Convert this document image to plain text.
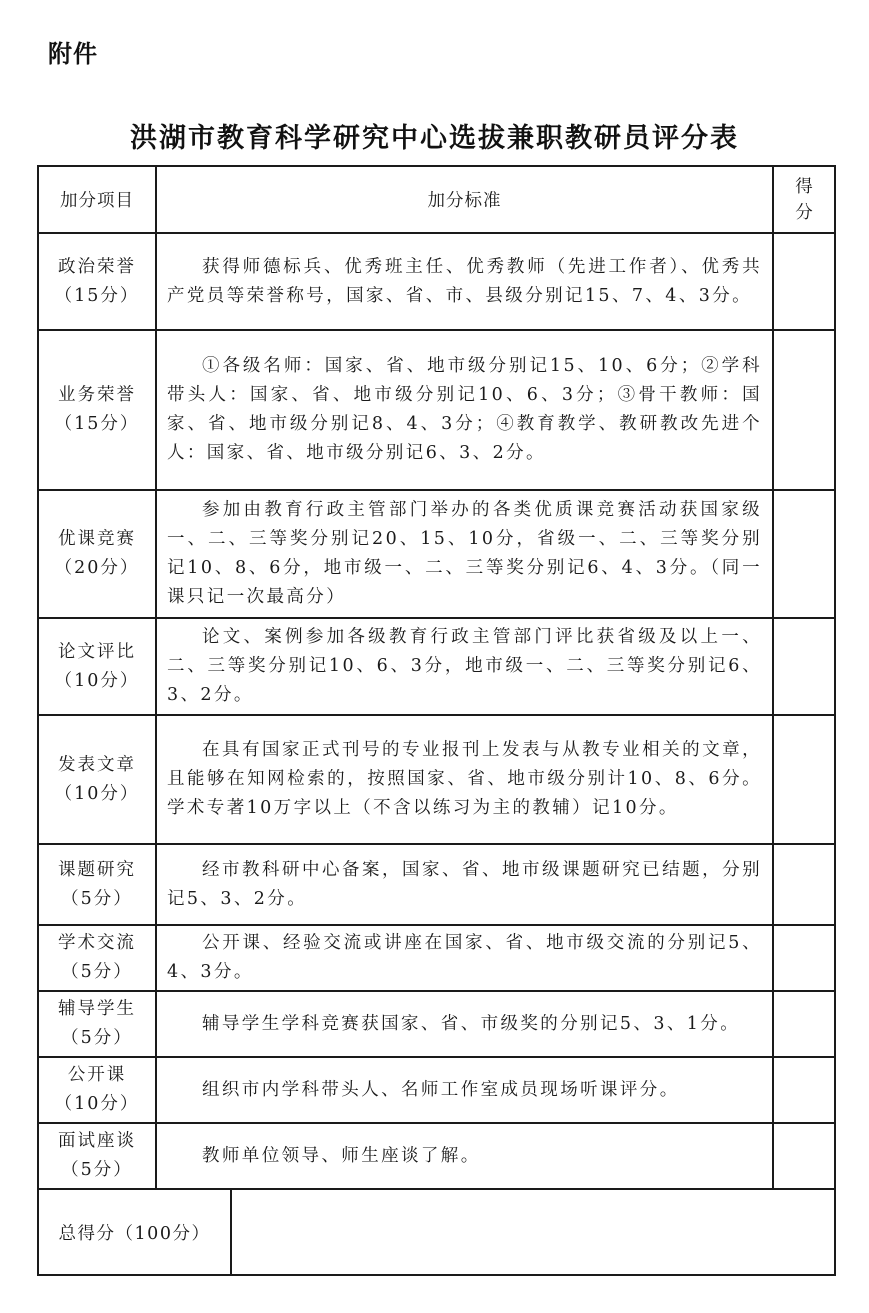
附件
洪湖市教育科学研究中心选拔兼职教研员评分表
加分项目	加分标准		得
分

政治荣誉
（15分）	获得师德标兵、优秀班主任、优秀教师（先进工作者）、优秀共产党员等荣誉称号，国家、省、市、县级分别记15、7、4、3分。		

业务荣誉
（15分）	①各级名师：国家、省、地市级分别记15、10、6分；②学科带头人：国家、省、地市级分别记10、6、3分；③骨干教师：国家、省、地市级分别记8、4、3分；④教育教学、教研教改先进个人：国家、省、地市级分别记6、3、2分。		

优课竞赛
（20分）	参加由教育行政主管部门举办的各类优质课竞赛活动获国家级一、二、三等奖分别记20、15、10分，省级一、二、三等奖分别记10、8、6分，地市级一、二、三等奖分别记6、4、3分。（同一课只记一次最高分）		

论文评比
（10分）	论文、案例参加各级教育行政主管部门评比获省级及以上一、二、三等奖分别记10、6、3分，地市级一、二、三等奖分别记6、3、2分。		

发表文章
（10分）	在具有国家正式刊号的专业报刊上发表与从教专业相关的文章，且能够在知网检索的，按照国家、省、地市级分别计10、8、6分。学术专著10万字以上（不含以练习为主的教辅）记10分。		

课题研究
（5分）	经市教科研中心备案，国家、省、地市级课题研究已结题，分别记5、3、2分。		

学术交流
（5分）	公开课、经验交流或讲座在国家、省、地市级交流的分别记5、4、3分。		

辅导学生
（5分）	辅导学生学科竞赛获国家、省、市级奖的分别记5、3、1分。		

公开课
（10分）	组织市内学科带头人、名师工作室成员现场听课评分。		

面试座谈
（5分）	教师单位领导、师生座谈了解。		

总得分（100分）			
